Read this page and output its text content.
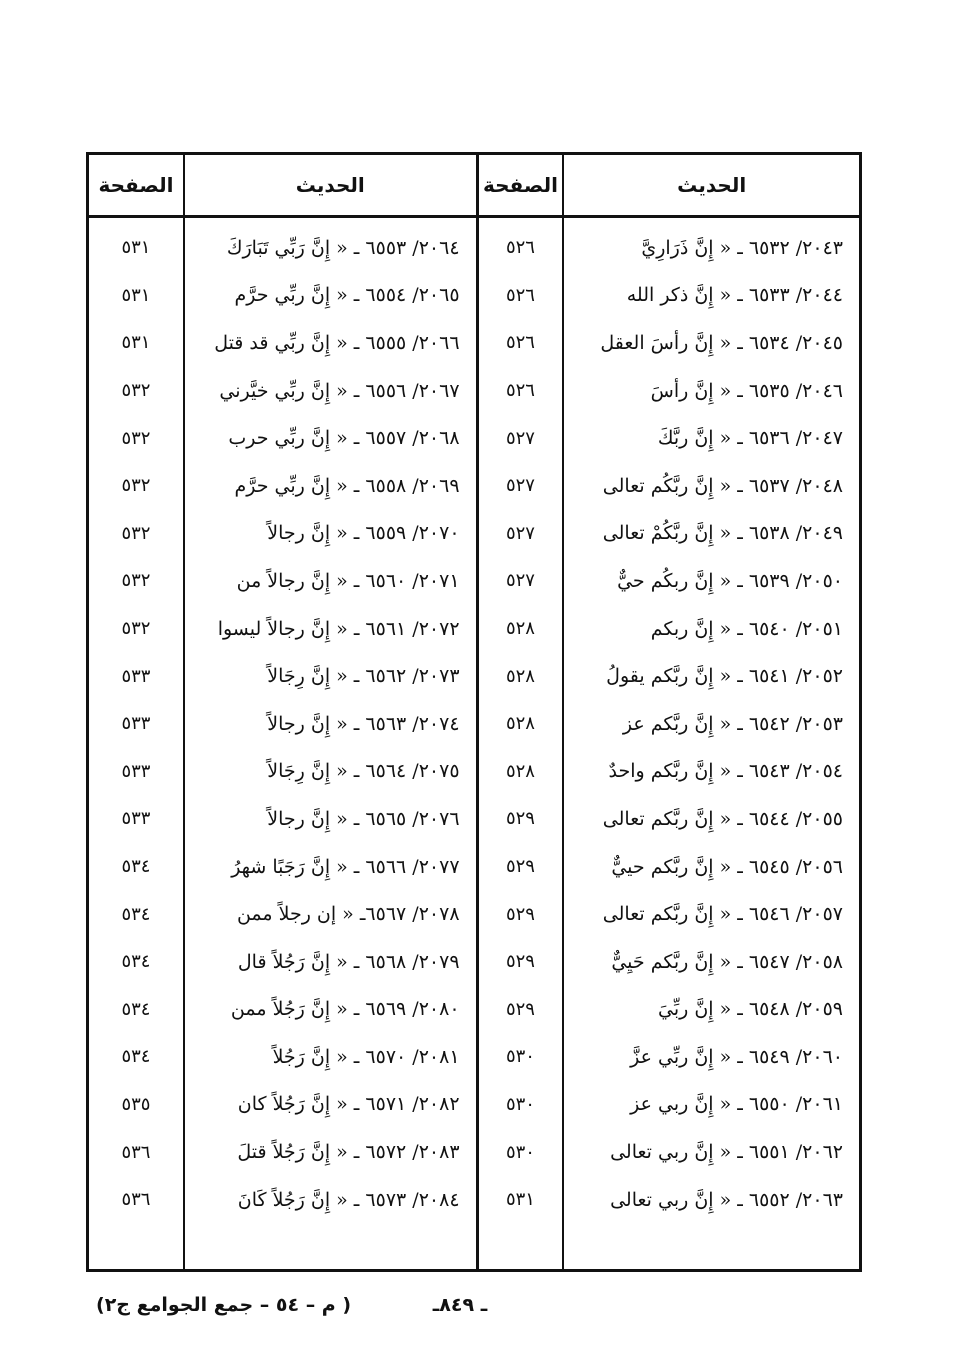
الحديث	الصفحة	الحديث	الصفحة

٢٠٤٣/ ٦٥٣٢ ـ « إِنَّ ذَرَارِيَّ	٥٢٦	٢٠٦٤/ ٦٥٥٣ ـ « إِنَّ رَبِّي تَبَارَكَ	٥٣١
٢٠٤٤/ ٦٥٣٣ ـ « إِنَّ ذكر الله	٥٢٦	٢٠٦٥/ ٦٥٥٤ ـ « إِنَّ ربِّي حرَّم	٥٣١
٢٠٤٥/ ٦٥٣٤ ـ « إِنَّ رأسَ العقل	٥٢٦	٢٠٦٦/ ٦٥٥٥ ـ « إِنَّ ربِّي قد قتل	٥٣١
٢٠٤٦/ ٦٥٣٥ ـ « إِنَّ رأسَ	٥٢٦	٢٠٦٧/ ٦٥٥٦ ـ « إِنَّ ربِّي خيَّرني	٥٣٢
٢٠٤٧/ ٦٥٣٦ ـ « إِنَّ ربَّكَ	٥٢٧	٢٠٦٨/ ٦٥٥٧ ـ « إِنَّ ربِّي حرب	٥٣٢
٢٠٤٨/ ٦٥٣٧ ـ « إِنَّ ربَّكُم تعالى	٥٢٧	٢٠٦٩/ ٦٥٥٨ ـ « إِنَّ ربِّي حرَّم	٥٣٢
٢٠٤٩/ ٦٥٣٨ ـ « إِنَّ ربَّكُمْ تعالى	٥٢٧	٢٠٧٠/ ٦٥٥٩ ـ « إِنَّ رجالاً	٥٣٢
٢٠٥٠/ ٦٥٣٩ ـ « إِنَّ ربكُم حيٌّ	٥٢٧	٢٠٧١/ ٦٥٦٠ ـ « إِنَّ رجالاً من	٥٣٢
٢٠٥١/ ٦٥٤٠ ـ « إِنَّ ربكم	٥٢٨	٢٠٧٢/ ٦٥٦١ ـ « إِنَّ رجالاً ليسوا	٥٣٢
٢٠٥٢/ ٦٥٤١ ـ « إِنَّ ربَّكم يقولُ	٥٢٨	٢٠٧٣/ ٦٥٦٢ ـ « إِنَّ رِجَالاً	٥٣٣
٢٠٥٣/ ٦٥٤٢ ـ « إِنَّ ربَّكم عز	٥٢٨	٢٠٧٤/ ٦٥٦٣ ـ « إِنَّ رجالاً	٥٣٣
٢٠٥٤/ ٦٥٤٣ ـ « إِنَّ ربَّكم واحدٌ	٥٢٨	٢٠٧٥/ ٦٥٦٤ ـ « إِنَّ رِجَالاً	٥٣٣
٢٠٥٥/ ٦٥٤٤ ـ « إِنَّ ربَّكم تعالى	٥٢٩	٢٠٧٦/ ٦٥٦٥ ـ « إِنَّ رجالاً	٥٣٣
٢٠٥٦/ ٦٥٤٥ ـ « إِنَّ ربَّكم حييٌّ	٥٢٩	٢٠٧٧/ ٦٥٦٦ ـ « إِنَّ رَجَبًا شهرُ	٥٣٤
٢٠٥٧/ ٦٥٤٦ ـ « إِنَّ ربَّكم تعالى	٥٢٩	٢٠٧٨/ ٦٥٦٧ـ « إن رجلاً ممن	٥٣٤
٢٠٥٨/ ٦٥٤٧ ـ « إِنَّ ربَّكم حَيِيٌّ	٥٢٩	٢٠٧٩/ ٦٥٦٨ ـ « إِنَّ رَجُلاً قال	٥٣٤
٢٠٥٩/ ٦٥٤٨ ـ « إِنَّ ربِّيَ	٥٢٩	٢٠٨٠/ ٦٥٦٩ ـ « إِنَّ رَجُلاً ممن	٥٣٤
٢٠٦٠/ ٦٥٤٩ ـ « إِنَّ ربِّي عزَّ	٥٣٠	٢٠٨١/ ٦٥٧٠ ـ « إِنَّ رَجُلاً	٥٣٤
٢٠٦١/ ٦٥٥٠ ـ « إِنَّ ربي عز	٥٣٠	٢٠٨٢/ ٦٥٧١ ـ « إِنَّ رَجُلاً كان	٥٣٥
٢٠٦٢/ ٦٥٥١ ـ « إِنَّ ربي تعالى	٥٣٠	٢٠٨٣/ ٦٥٧٢ ـ « إِنَّ رَجُلاً قتلَ	٥٣٦
٢٠٦٣/ ٦٥٥٢ ـ « إِنَّ ربي تعالى	٥٣١	٢٠٨٤/ ٦٥٧٣ ـ « إِنَّ رَجُلاً كَانَ	٥٣٦

ـ ٨٤٩ـ
( م – ٥٤ – جمع الجوامع ج٢)
